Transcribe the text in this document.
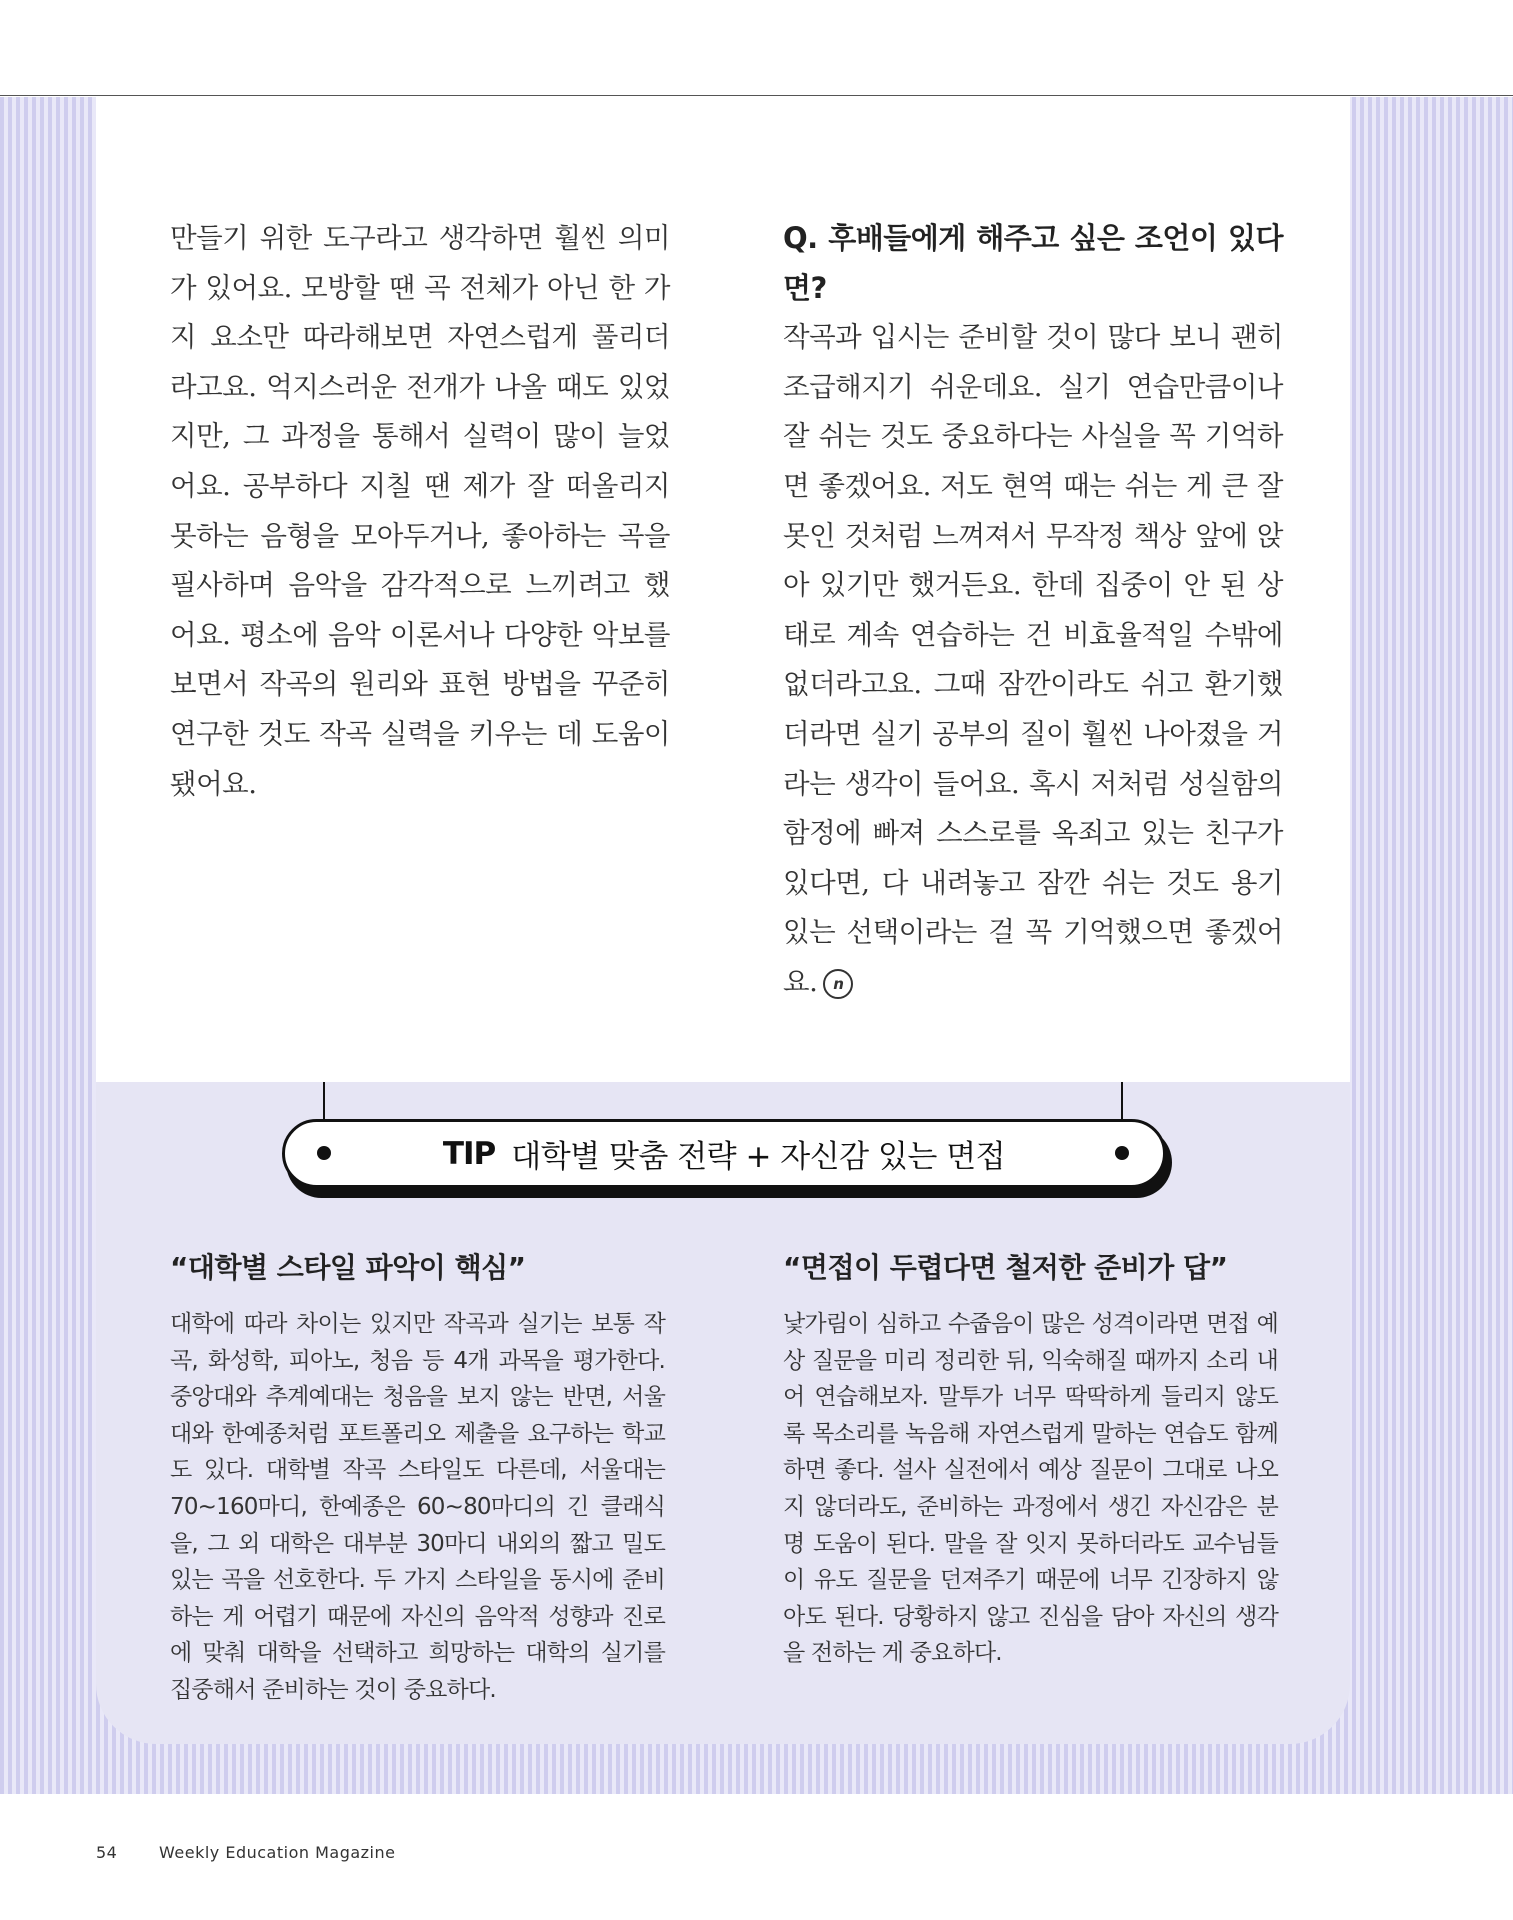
만들기 위한 도구라고 생각하면 훨씬 의미가 있어요. 모방할 땐 곡 전체가 아닌 한 가지 요소만 따라해보면 자연스럽게 풀리더라고요. 억지스러운 전개가 나올 때도 있었지만, 그 과정을 통해서 실력이 많이 늘었어요. 공부하다 지칠 땐 제가 잘 떠올리지 못하는 음형을 모아두거나, 좋아하는 곡을 필사하며 음악을 감각적으로 느끼려고 했어요. 평소에 음악 이론서나 다양한 악보를 보면서 작곡의 원리와 표현 방법을 꾸준히 연구한 것도 작곡 실력을 키우는 데 도움이 됐어요.

Q. 후배들에게 해주고 싶은 조언이 있다면?

작곡과 입시는 준비할 것이 많다 보니 괜히 조급해지기 쉬운데요. 실기 연습만큼이나 잘 쉬는 것도 중요하다는 사실을 꼭 기억하면 좋겠어요. 저도 현역 때는 쉬는 게 큰 잘못인 것처럼 느껴져서 무작정 책상 앞에 앉아 있기만 했거든요. 한데 집중이 안 된 상태로 계속 연습하는 건 비효율적일 수밖에 없더라고요. 그때 잠깐이라도 쉬고 환기했더라면 실기 공부의 질이 훨씬 나아졌을 거라는 생각이 들어요. 혹시 저처럼 성실함의 함정에 빠져 스스로를 옥죄고 있는 친구가 있다면, 다 내려놓고 잠깐 쉬는 것도 용기 있는 선택이라는 걸 꼭 기억했으면 좋겠어요. n

TIP 대학별 맞춤 전략 + 자신감 있는 면접
“대학별 스타일 파악이 핵심”

대학에 따라 차이는 있지만 작곡과 실기는 보통 작곡, 화성학, 피아노, 청음 등 4개 과목을 평가한다. 중앙대와 추계예대는 청음을 보지 않는 반면, 서울대와 한예종처럼 포트폴리오 제출을 요구하는 학교도 있다. 대학별 작곡 스타일도 다른데, 서울대는 70~160마디, 한예종은 60~80마디의 긴 클래식을, 그 외 대학은 대부분 30마디 내외의 짧고 밀도 있는 곡을 선호한다. 두 가지 스타일을 동시에 준비하는 게 어렵기 때문에 자신의 음악적 성향과 진로에 맞춰 대학을 선택하고 희망하는 대학의 실기를 집중해서 준비하는 것이 중요하다.

“면접이 두렵다면 철저한 준비가 답”

낯가림이 심하고 수줍음이 많은 성격이라면 면접 예상 질문을 미리 정리한 뒤, 익숙해질 때까지 소리 내어 연습해보자. 말투가 너무 딱딱하게 들리지 않도록 목소리를 녹음해 자연스럽게 말하는 연습도 함께 하면 좋다. 설사 실전에서 예상 질문이 그대로 나오지 않더라도, 준비하는 과정에서 생긴 자신감은 분명 도움이 된다. 말을 잘 잇지 못하더라도 교수님들이 유도 질문을 던져주기 때문에 너무 긴장하지 않아도 된다. 당황하지 않고 진심을 담아 자신의 생각을 전하는 게 중요하다.

54	Weekly Education Magazine
